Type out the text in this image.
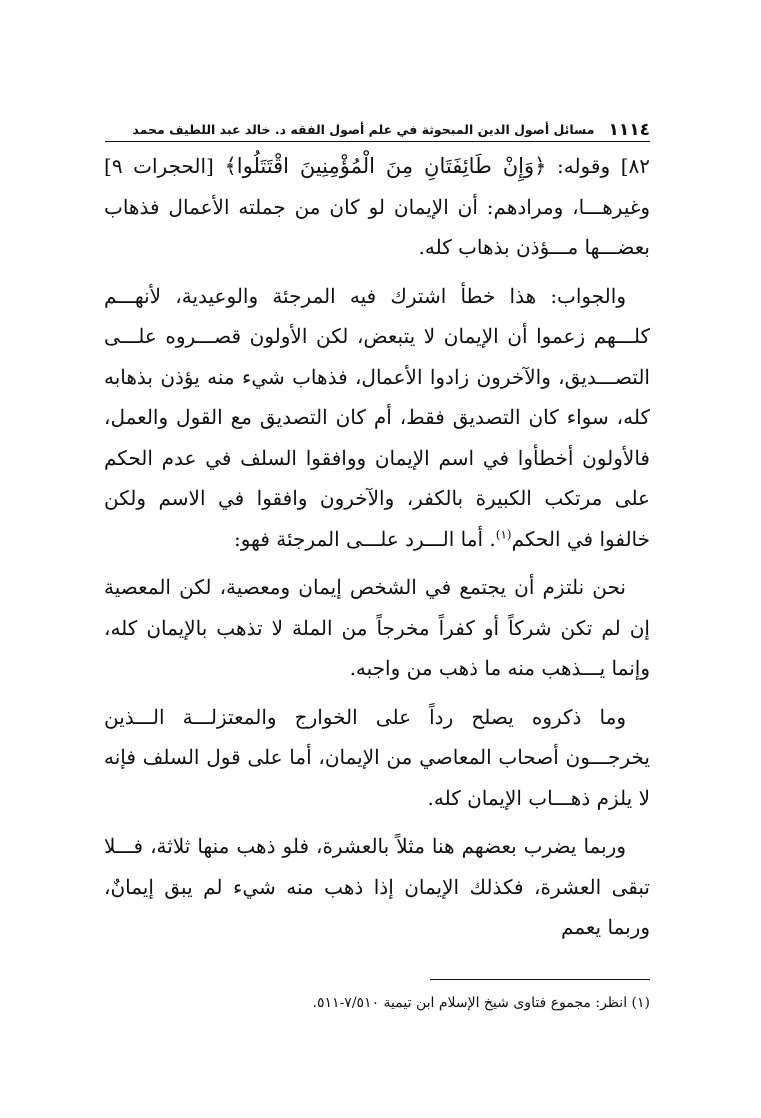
١١١٤
مسائل أصول الدين المبحوثة في علم أصول الفقه د. خالد عبد اللطيف محمد

٨٢] وقوله: ﴿وَإِنْ طَائِفَتَانِ مِنَ الْمُؤْمِنِينَ اقْتَتَلُوا﴾ [الحجرات ٩] وغيرهـــا، ومرادهم: أن الإيمان لو كان من جملته الأعمال فذهاب بعضـــها مـــؤذن بذهاب كله.

والجواب: هذا خطأ اشترك فيه المرجئة والوعيدية، لأنهـــم كلـــهم زعموا أن الإيمان لا يتبعض، لكن الأولون قصـــروه علـــى التصـــديق، والآخرون زادوا الأعمال، فذهاب شيء منه يؤذن بذهابه كله، سواء كان التصديق فقط، أم كان التصديق مع القول والعمل، فالأولون أخطأوا في اسم الإيمان ووافقوا السلف في عدم الحكم على مرتكب الكبيرة بالكفر، والآخرون وافقوا في الاسم ولكن خالفوا في الحكم$^{(١)}$. أما الـــرد علـــى المرجئة فهو:

نحن نلتزم أن يجتمع في الشخص إيمان ومعصية، لكن المعصية إن لم تكن شركاً أو كفراً مخرجاً من الملة لا تذهب بالإيمان كله، وإنما يـــذهب منه ما ذهب من واجبه.

وما ذكروه يصلح رداً على الخوارج والمعتزلـــة الـــذين يخرجـــون أصحاب المعاصي من الإيمان، أما على قول السلف فإنه لا يلزم ذهـــاب الإيمان كله.

وربما يضرب بعضهم هنا مثلاً بالعشرة، فلو ذهب منها ثلاثة، فـــلا تبقى العشرة، فكذلك الإيمان إذا ذهب منه شيء لم يبق إيمانٌ، وربما يعمم

(١) انظر: مجموع فتاوى شيخ الإسلام ابن تيمية ٧/٥١٠-٥١١.
